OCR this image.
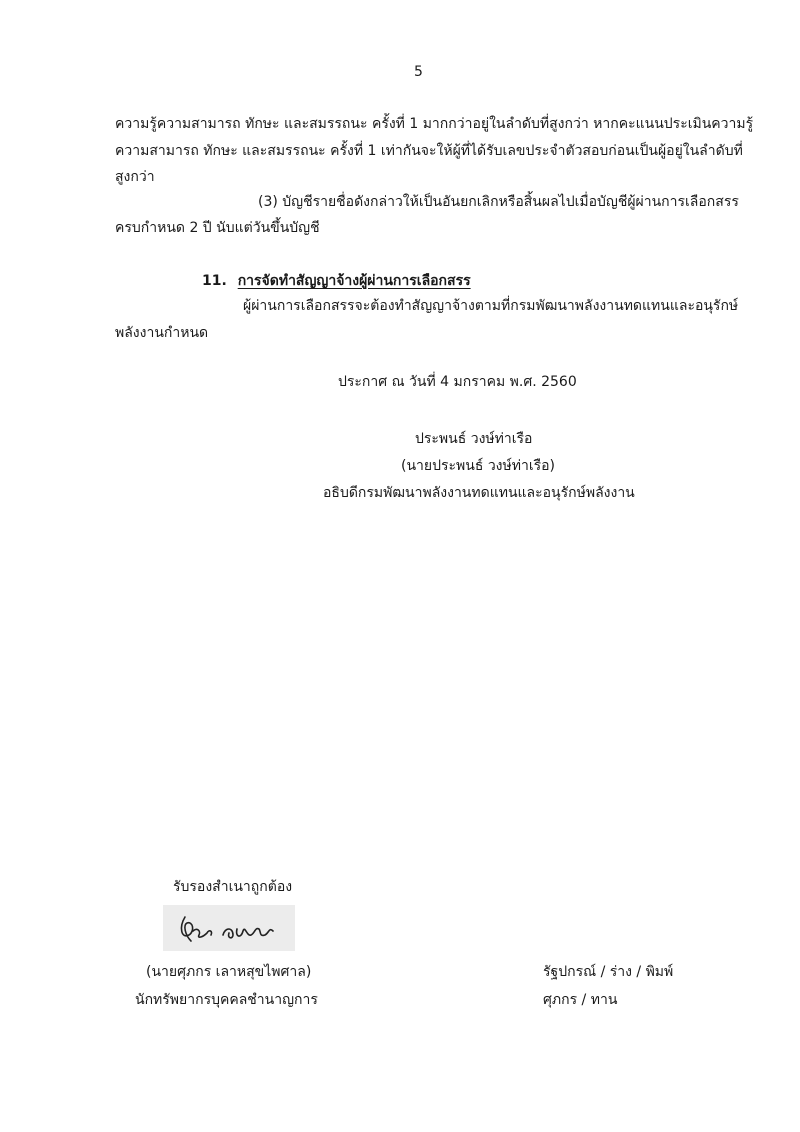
5
ความรู้ความสามารถ ทักษะ และสมรรถนะ ครั้งที่ 1 มากกว่าอยู่ในลำดับที่สูงกว่า หากคะแนนประเมินความรู้
ความสามารถ ทักษะ และสมรรถนะ ครั้งที่ 1 เท่ากันจะให้ผู้ที่ได้รับเลขประจำตัวสอบก่อนเป็นผู้อยู่ในลำดับที่
สูงกว่า
(3) บัญชีรายชื่อดังกล่าวให้เป็นอันยกเลิกหรือสิ้นผลไปเมื่อบัญชีผู้ผ่านการเลือกสรร
ครบกำหนด 2 ปี นับแต่วันขึ้นบัญชี
11. การจัดทำสัญญาจ้างผู้ผ่านการเลือกสรร
ผู้ผ่านการเลือกสรรจะต้องทำสัญญาจ้างตามที่กรมพัฒนาพลังงานทดแทนและอนุรักษ์
พลังงานกำหนด
ประกาศ ณ วันที่ 4 มกราคม พ.ศ. 2560
ประพนธ์ วงษ์ท่าเรือ
(นายประพนธ์ วงษ์ท่าเรือ)
อธิบดีกรมพัฒนาพลังงานทดแทนและอนุรักษ์พลังงาน
รับรองสำเนาถูกต้อง
(นายศุภกร เลาหสุขไพศาล)
นักทรัพยากรบุคคลชำนาญการ
รัฐปกรณ์ / ร่าง / พิมพ์
ศุภกร / ทาน
